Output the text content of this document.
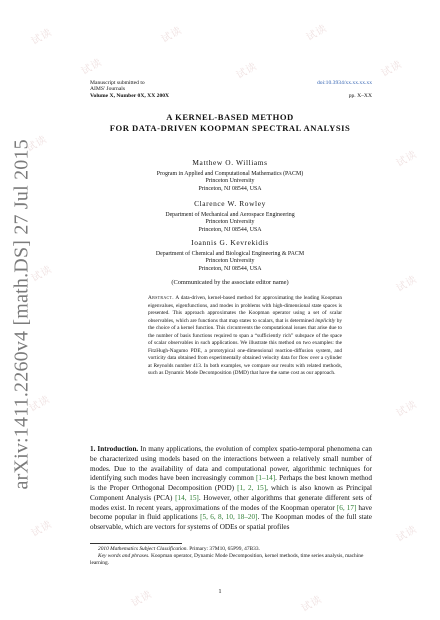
试读
试读
试读
试读
试读
试读
试读
试读
试读	试读
试读	试读
试读	试读
试读	试读
arXiv:1411.2260v4 [math.DS] 27 Jul 2015
Manuscript submitted to
AIMS' Journals
Volume X, Number 0X, XX 200X
doi:10.3934/xx.xx.xx.xx
pp. X–XX
A KERNEL-BASED METHOD
FOR DATA-DRIVEN KOOPMAN SPECTRAL ANALYSIS
Matthew O. Williams
Program in Applied and Computational Mathematics (PACM)
Princeton University
Princeton, NJ 08544, USA
Clarence W. Rowley
Department of Mechanical and Aerospace Engineering
Princeton University
Princeton, NJ 08544, USA
Ioannis G. Kevrekidis
Department of Chemical and Biological Engineering & PACM
Princeton University
Princeton, NJ 08544, USA
(Communicated by the associate editor name)
Abstract. A data-driven, kernel-based method for approximating the leading Koopman eigenvalues, eigenfunctions, and modes in problems with high-dimensional state spaces is presented. This approach approximates the Koopman operator using a set of scalar observables, which are functions that map states to scalars, that is determined implicitly by the choice of a kernel function. This circumvents the computational issues that arise due to the number of basis functions required to span a “sufficiently rich” subspace of the space of scalar observables in such applications. We illustrate this method on two examples: the FitzHugh-Nagumo PDE, a prototypical one-dimensional reaction-diffusion system, and vorticity data obtained from experimentally obtained velocity data for flow over a cylinder at Reynolds number 413. In both examples, we compare our results with related methods, such as Dynamic Mode Decomposition (DMD) that have the same cost as our approach.
1. Introduction. In many applications, the evolution of complex spatio-temporal phenomena can be characterized using models based on the interactions between a relatively small number of modes. Due to the availability of data and computational power, algorithmic techniques for identifying such modes have been increasingly common [1–14]. Perhaps the best known method is the Proper Orthogonal Decomposition (POD) [1, 2, 15], which is also known as Principal Component Analysis (PCA) [14, 15]. However, other algorithms that generate different sets of modes exist. In recent years, approximations of the modes of the Koopman operator [6, 17] have become popular in fluid applications [5, 6, 8, 10, 18–20]. The Koopman modes of the full state observable, which are vectors for systems of ODEs or spatial profiles
2010 Mathematics Subject Classification. Primary: 37M10, 65P99, 47B33.
Key words and phrases. Koopman operator, Dynamic Mode Decomposition, kernel methods, time series analysis, machine learning.
1
